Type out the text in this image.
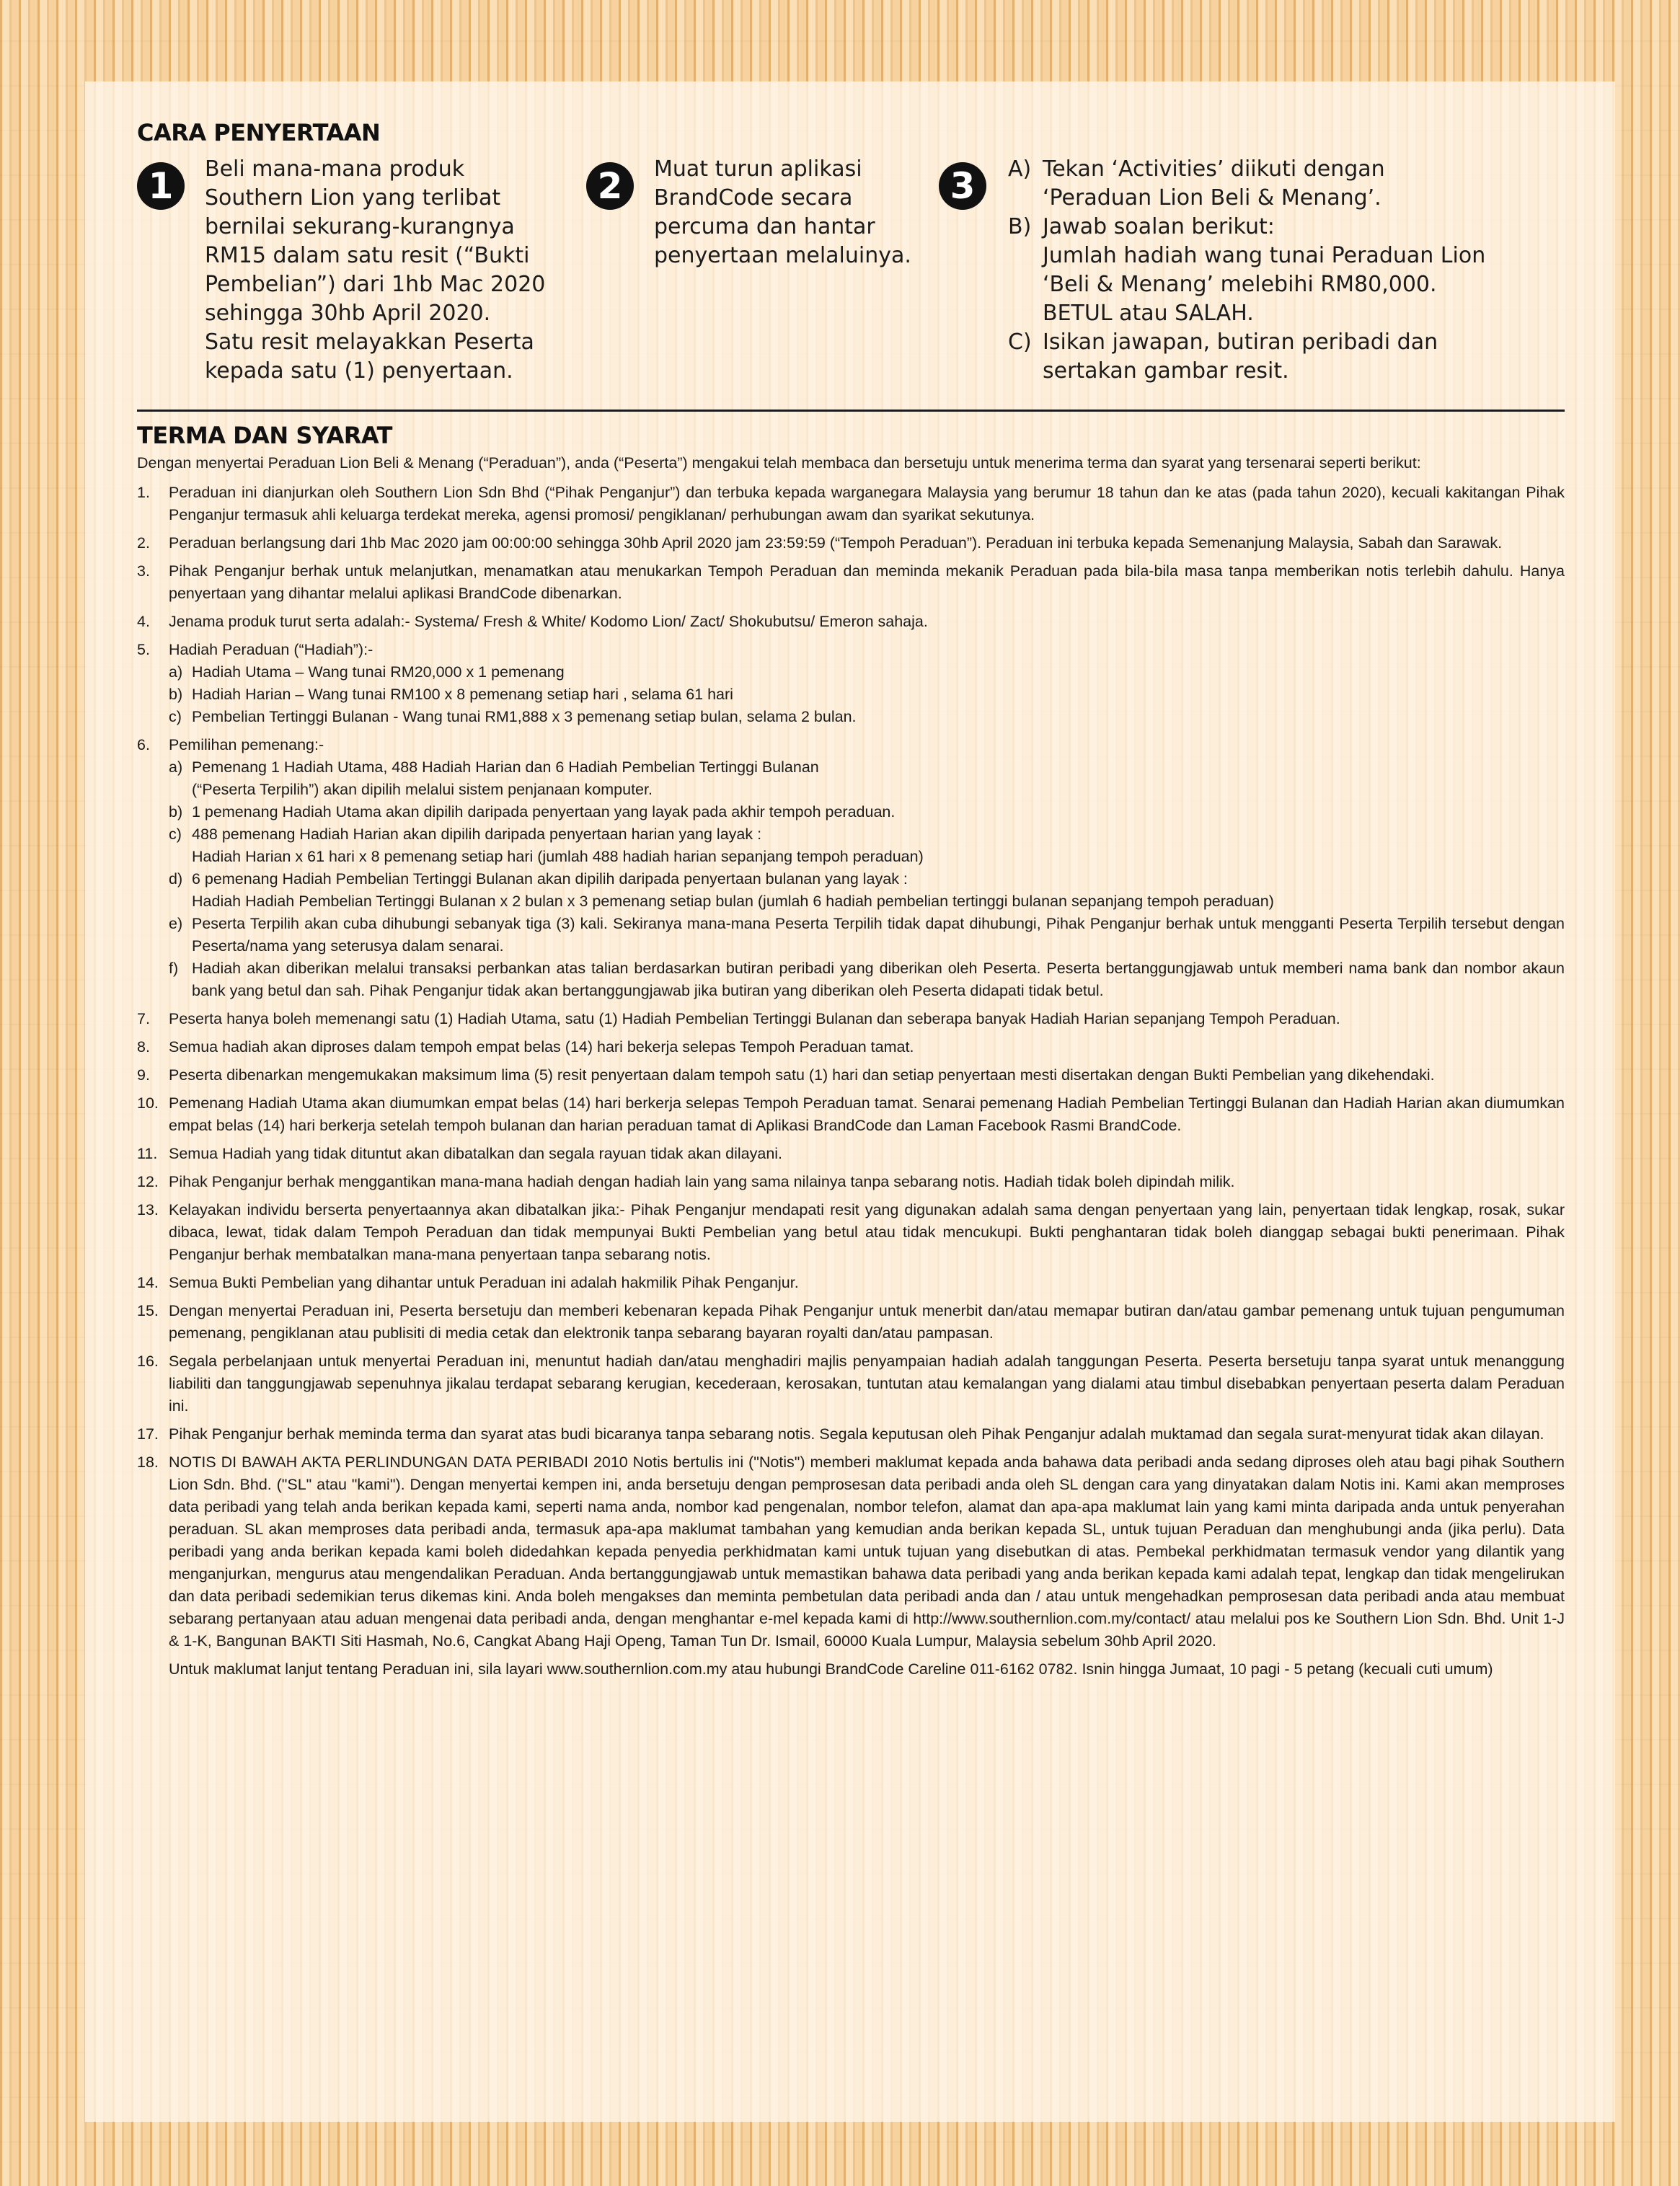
CARA PENYERTAAN
1	Beli mana-mana produk
Southern Lion yang terlibat
bernilai sekurang-kurangnya
RM15 dalam satu resit (“Bukti
Pembelian”) dari 1hb Mac 2020
sehingga 30hb April 2020.
Satu resit melayakkan Peserta
kepada satu (1) penyertaan.
2	Muat turun aplikasi
BrandCode secara
percuma dan hantar
penyertaan melaluinya.
3	A) Tekan ‘Activities’ diikuti dengan
‘Peraduan Lion Beli & Menang’.
B) Jawab soalan berikut:
Jumlah hadiah wang tunai Peraduan Lion
‘Beli & Menang’ melebihi RM80,000.
BETUL atau SALAH.
C) Isikan jawapan, butiran peribadi dan
sertakan gambar resit.
TERMA DAN SYARAT
Dengan menyertai Peraduan Lion Beli & Menang (“Peraduan”), anda (“Peserta”) mengakui telah membaca dan bersetuju untuk menerima terma dan syarat yang tersenarai seperti berikut:
1.	Peraduan ini dianjurkan oleh Southern Lion Sdn Bhd (“Pihak Penganjur”) dan terbuka kepada warganegara Malaysia yang berumur 18 tahun dan ke atas (pada tahun 2020), kecuali kakitangan Pihak Penganjur termasuk ahli keluarga terdekat mereka, agensi promosi/ pengiklanan/ perhubungan awam dan syarikat sekutunya.
2.	Peraduan berlangsung dari 1hb Mac 2020 jam 00:00:00 sehingga 30hb April 2020 jam 23:59:59 (“Tempoh Peraduan”). Peraduan ini terbuka kepada Semenanjung Malaysia, Sabah dan Sarawak.
3.	Pihak Penganjur berhak untuk melanjutkan, menamatkan atau menukarkan Tempoh Peraduan dan meminda mekanik Peraduan pada bila-bila masa tanpa memberikan notis terlebih dahulu. Hanya penyertaan yang dihantar melalui aplikasi BrandCode dibenarkan.
4.	Jenama produk turut serta adalah:- Systema/ Fresh & White/ Kodomo Lion/ Zact/ Shokubutsu/ Emeron sahaja.
5.	Hadiah Peraduan (“Hadiah”):-
a) Hadiah Utama – Wang tunai RM20,000 x 1 pemenang
b) Hadiah Harian – Wang tunai RM100 x 8 pemenang setiap hari , selama 61 hari
c) Pembelian Tertinggi Bulanan - Wang tunai RM1,888 x 3 pemenang setiap bulan, selama 2 bulan.
6.	Pemilihan pemenang:-
a) Pemenang 1 Hadiah Utama, 488 Hadiah Harian dan 6 Hadiah Pembelian Tertinggi Bulanan
(“Peserta Terpilih”) akan dipilih melalui sistem penjanaan komputer.
b) 1 pemenang Hadiah Utama akan dipilih daripada penyertaan yang layak pada akhir tempoh peraduan.
c) 488 pemenang Hadiah Harian akan dipilih daripada penyertaan harian yang layak :
Hadiah Harian x 61 hari x 8 pemenang setiap hari (jumlah 488 hadiah harian sepanjang tempoh peraduan)
d) 6 pemenang Hadiah Pembelian Tertinggi Bulanan akan dipilih daripada penyertaan bulanan yang layak :
Hadiah Hadiah Pembelian Tertinggi Bulanan x 2 bulan x 3 pemenang setiap bulan (jumlah 6 hadiah pembelian tertinggi bulanan sepanjang tempoh peraduan)
e) Peserta Terpilih akan cuba dihubungi sebanyak tiga (3) kali. Sekiranya mana-mana Peserta Terpilih tidak dapat dihubungi, Pihak Penganjur berhak untuk mengganti Peserta Terpilih tersebut dengan Peserta/nama yang seterusya dalam senarai.
f) Hadiah akan diberikan melalui transaksi perbankan atas talian berdasarkan butiran peribadi yang diberikan oleh Peserta. Peserta bertanggungjawab untuk memberi nama bank dan nombor akaun bank yang betul dan sah. Pihak Penganjur tidak akan bertanggungjawab jika butiran yang diberikan oleh Peserta didapati tidak betul.
7.	Peserta hanya boleh memenangi satu (1) Hadiah Utama, satu (1) Hadiah Pembelian Tertinggi Bulanan dan seberapa banyak Hadiah Harian sepanjang Tempoh Peraduan.
8.	Semua hadiah akan diproses dalam tempoh empat belas (14) hari bekerja selepas Tempoh Peraduan tamat.
9.	Peserta dibenarkan mengemukakan maksimum lima (5) resit penyertaan dalam tempoh satu (1) hari dan setiap penyertaan mesti disertakan dengan Bukti Pembelian yang dikehendaki.
10. Pemenang Hadiah Utama akan diumumkan empat belas (14) hari berkerja selepas Tempoh Peraduan tamat. Senarai pemenang Hadiah Pembelian Tertinggi Bulanan dan Hadiah Harian akan diumumkan empat belas (14) hari berkerja setelah tempoh bulanan dan harian peraduan tamat di Aplikasi BrandCode dan Laman Facebook Rasmi BrandCode.
11. Semua Hadiah yang tidak dituntut akan dibatalkan dan segala rayuan tidak akan dilayani.
12. Pihak Penganjur berhak menggantikan mana-mana hadiah dengan hadiah lain yang sama nilainya tanpa sebarang notis. Hadiah tidak boleh dipindah milik.
13. Kelayakan individu berserta penyertaannya akan dibatalkan jika:- Pihak Penganjur mendapati resit yang digunakan adalah sama dengan penyertaan yang lain, penyertaan tidak lengkap, rosak, sukar dibaca, lewat, tidak dalam Tempoh Peraduan dan tidak mempunyai Bukti Pembelian yang betul atau tidak mencukupi. Bukti penghantaran tidak boleh dianggap sebagai bukti penerimaan. Pihak Penganjur berhak membatalkan mana-mana penyertaan tanpa sebarang notis.
14. Semua Bukti Pembelian yang dihantar untuk Peraduan ini adalah hakmilik Pihak Penganjur.
15. Dengan menyertai Peraduan ini, Peserta bersetuju dan memberi kebenaran kepada Pihak Penganjur untuk menerbit dan/atau memapar butiran dan/atau gambar pemenang untuk tujuan pengumuman pemenang, pengiklanan atau publisiti di media cetak dan elektronik tanpa sebarang bayaran royalti dan/atau pampasan.
16. Segala perbelanjaan untuk menyertai Peraduan ini, menuntut hadiah dan/atau menghadiri majlis penyampaian hadiah adalah tanggungan Peserta. Peserta bersetuju tanpa syarat untuk menanggung liabiliti dan tanggungjawab sepenuhnya jikalau terdapat sebarang kerugian, kecederaan, kerosakan, tuntutan atau kemalangan yang dialami atau timbul disebabkan penyertaan peserta dalam Peraduan ini.
17. Pihak Penganjur berhak meminda terma dan syarat atas budi bicaranya tanpa sebarang notis. Segala keputusan oleh Pihak Penganjur adalah muktamad dan segala surat-menyurat tidak akan dilayan.
18. NOTIS DI BAWAH AKTA PERLINDUNGAN DATA PERIBADI 2010 Notis bertulis ini ("Notis") memberi maklumat kepada anda bahawa data peribadi anda sedang diproses oleh atau bagi pihak Southern Lion Sdn. Bhd. ("SL" atau "kami"). Dengan menyertai kempen ini, anda bersetuju dengan pemprosesan data peribadi anda oleh SL dengan cara yang dinyatakan dalam Notis ini. Kami akan memproses data peribadi yang telah anda berikan kepada kami, seperti nama anda, nombor kad pengenalan, nombor telefon, alamat dan apa-apa maklumat lain yang kami minta daripada anda untuk penyerahan peraduan. SL akan memproses data peribadi anda, termasuk apa-apa maklumat tambahan yang kemudian anda berikan kepada SL, untuk tujuan Peraduan dan menghubungi anda (jika perlu). Data peribadi yang anda berikan kepada kami boleh didedahkan kepada penyedia perkhidmatan kami untuk tujuan yang disebutkan di atas. Pembekal perkhidmatan termasuk vendor yang dilantik yang menganjurkan, mengurus atau mengendalikan Peraduan. Anda bertanggungjawab untuk memastikan bahawa data peribadi yang anda berikan kepada kami adalah tepat, lengkap dan tidak mengelirukan dan data peribadi sedemikian terus dikemas kini. Anda boleh mengakses dan meminta pembetulan data peribadi anda dan / atau untuk mengehadkan pemprosesan data peribadi anda atau membuat sebarang pertanyaan atau aduan mengenai data peribadi anda, dengan menghantar e-mel kepada kami di http://www.southernlion.com.my/contact/ atau melalui pos ke Southern Lion Sdn. Bhd. Unit 1-J & 1-K, Bangunan BAKTI Siti Hasmah, No.6, Cangkat Abang Haji Openg, Taman Tun Dr. Ismail, 60000 Kuala Lumpur, Malaysia sebelum 30hb April 2020.
Untuk maklumat lanjut tentang Peraduan ini, sila layari www.southernlion.com.my atau hubungi BrandCode Careline 011-6162 0782. Isnin hingga Jumaat, 10 pagi - 5 petang (kecuali cuti umum)
